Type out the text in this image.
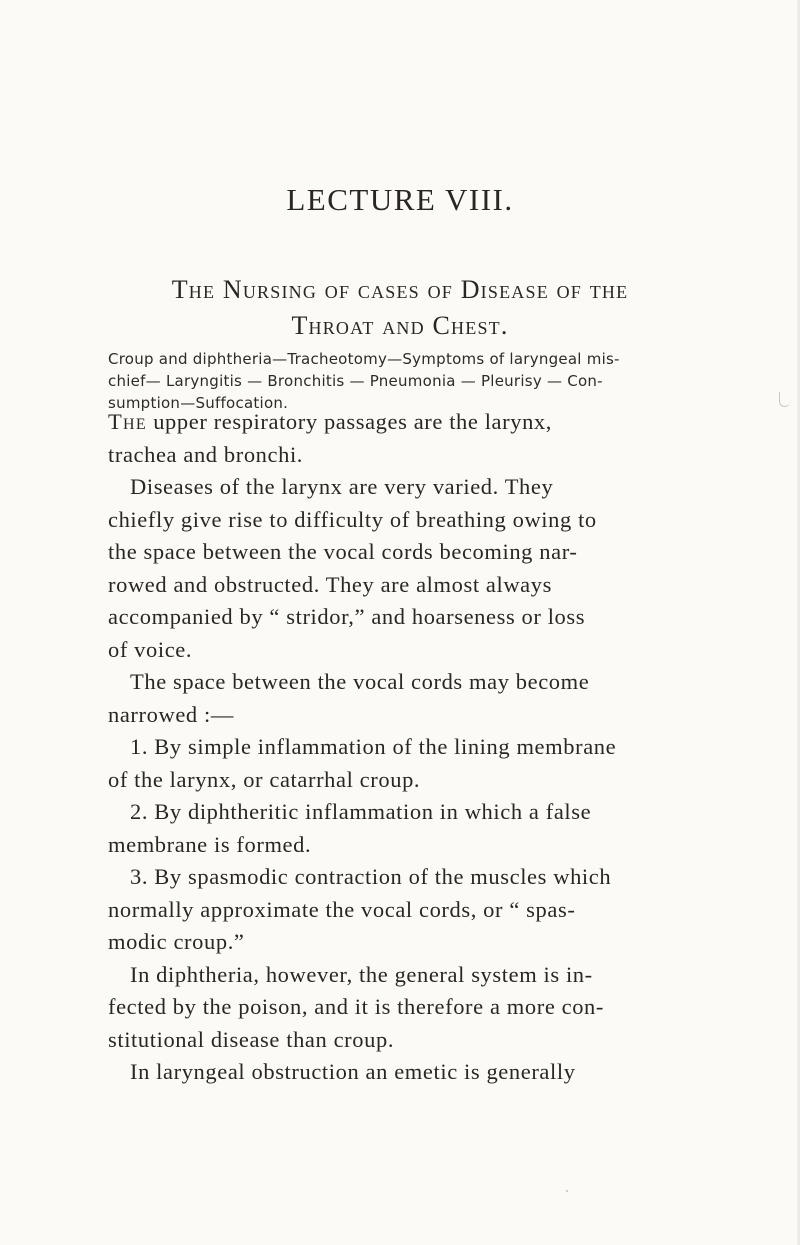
LECTURE VIII.
The Nursing of cases of Disease of the
Throat and Chest.
Croup and diphtheria—Tracheotomy—Symptoms of laryngeal mis-
chief— Laryngitis — Bronchitis — Pneumonia — Pleurisy — Con-
sumption—Suffocation.
The upper respiratory passages are the larynx,
trachea and bronchi.
Diseases of the larynx are very varied. They
chiefly give rise to difficulty of breathing owing to
the space between the vocal cords becoming nar-
rowed and obstructed. They are almost always
accompanied by “ stridor,” and hoarseness or loss
of voice.
The space between the vocal cords may become
narrowed :—
1. By simple inflammation of the lining membrane
of the larynx, or catarrhal croup.
2. By diphtheritic inflammation in which a false
membrane is formed.
3. By spasmodic contraction of the muscles which
normally approximate the vocal cords, or “ spas-
modic croup.”
In diphtheria, however, the general system is in-
fected by the poison, and it is therefore a more con-
stitutional disease than croup.
In laryngeal obstruction an emetic is generally
